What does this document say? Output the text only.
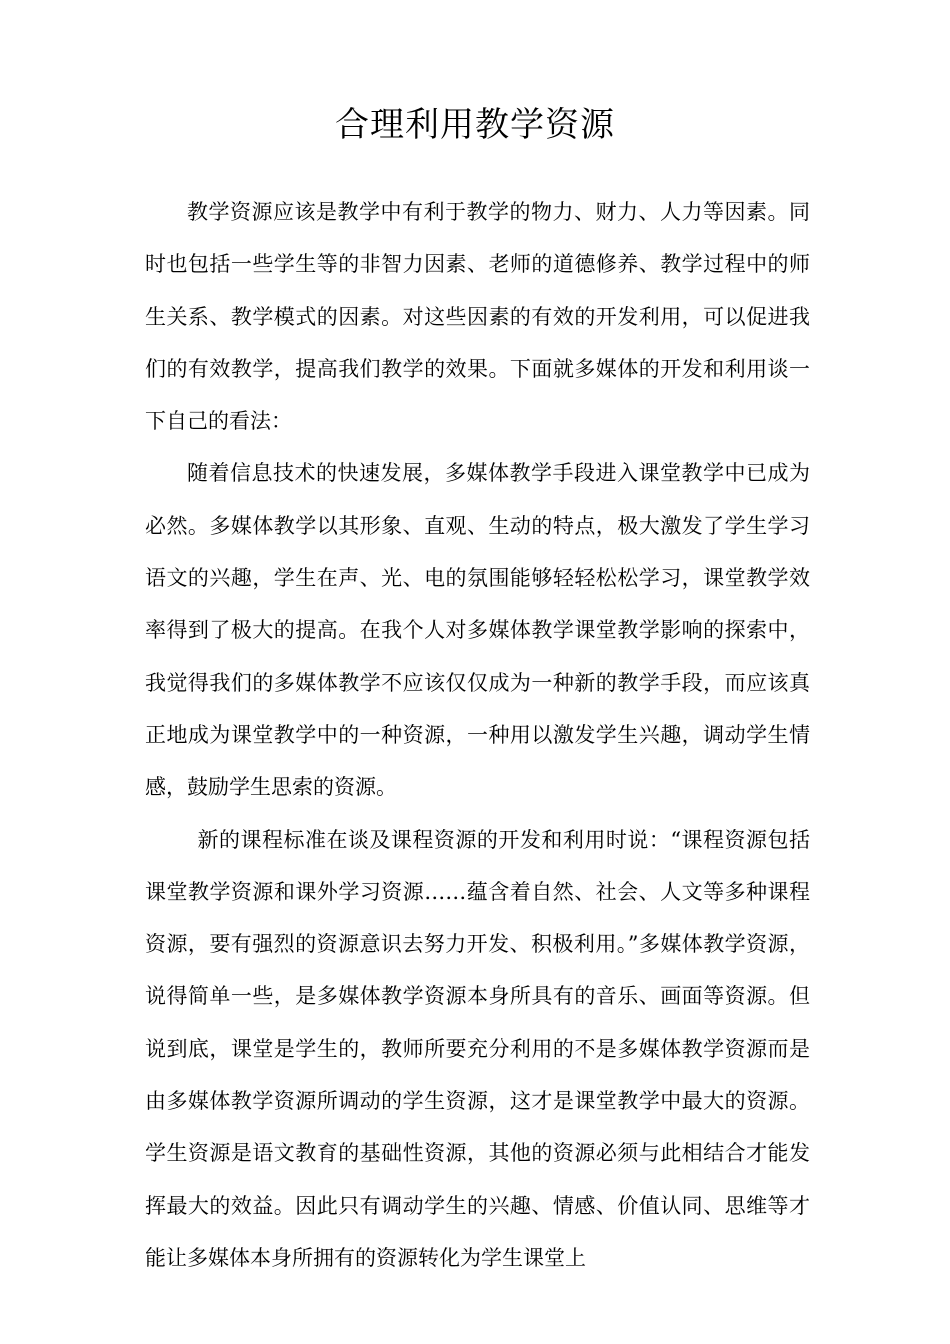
合理利用教学资源

教学资源应该是教学中有利于教学的物力、财力、人力等因素。同时也包括一些学生等的非智力因素、老师的道德修养、教学过程中的师生关系、教学模式的因素。对这些因素的有效的开发利用，可以促进我们的有效教学，提高我们教学的效果。下面就多媒体的开发和利用谈一下自己的看法：

随着信息技术的快速发展，多媒体教学手段进入课堂教学中已成为必然。多媒体教学以其形象、直观、生动的特点，极大激发了学生学习语文的兴趣，学生在声、光、电的氛围能够轻轻松松学习，课堂教学效率得到了极大的提高。在我个人对多媒体教学课堂教学影响的探索中，我觉得我们的多媒体教学不应该仅仅成为一种新的教学手段，而应该真正地成为课堂教学中的一种资源，一种用以激发学生兴趣，调动学生情感，鼓励学生思索的资源。

新的课程标准在谈及课程资源的开发和利用时说：“课程资源包括课堂教学资源和课外学习资源……蕴含着自然、社会、人文等多种课程资源，要有强烈的资源意识去努力开发、积极利用。”多媒体教学资源，说得简单一些，是多媒体教学资源本身所具有的音乐、画面等资源。但说到底，课堂是学生的，教师所要充分利用的不是多媒体教学资源而是由多媒体教学资源所调动的学生资源，这才是课堂教学中最大的资源。学生资源是语文教育的基础性资源，其他的资源必须与此相结合才能发挥最大的效益。因此只有调动学生的兴趣、情感、价值认同、思维等才能让多媒体本身所拥有的资源转化为学生课堂上
